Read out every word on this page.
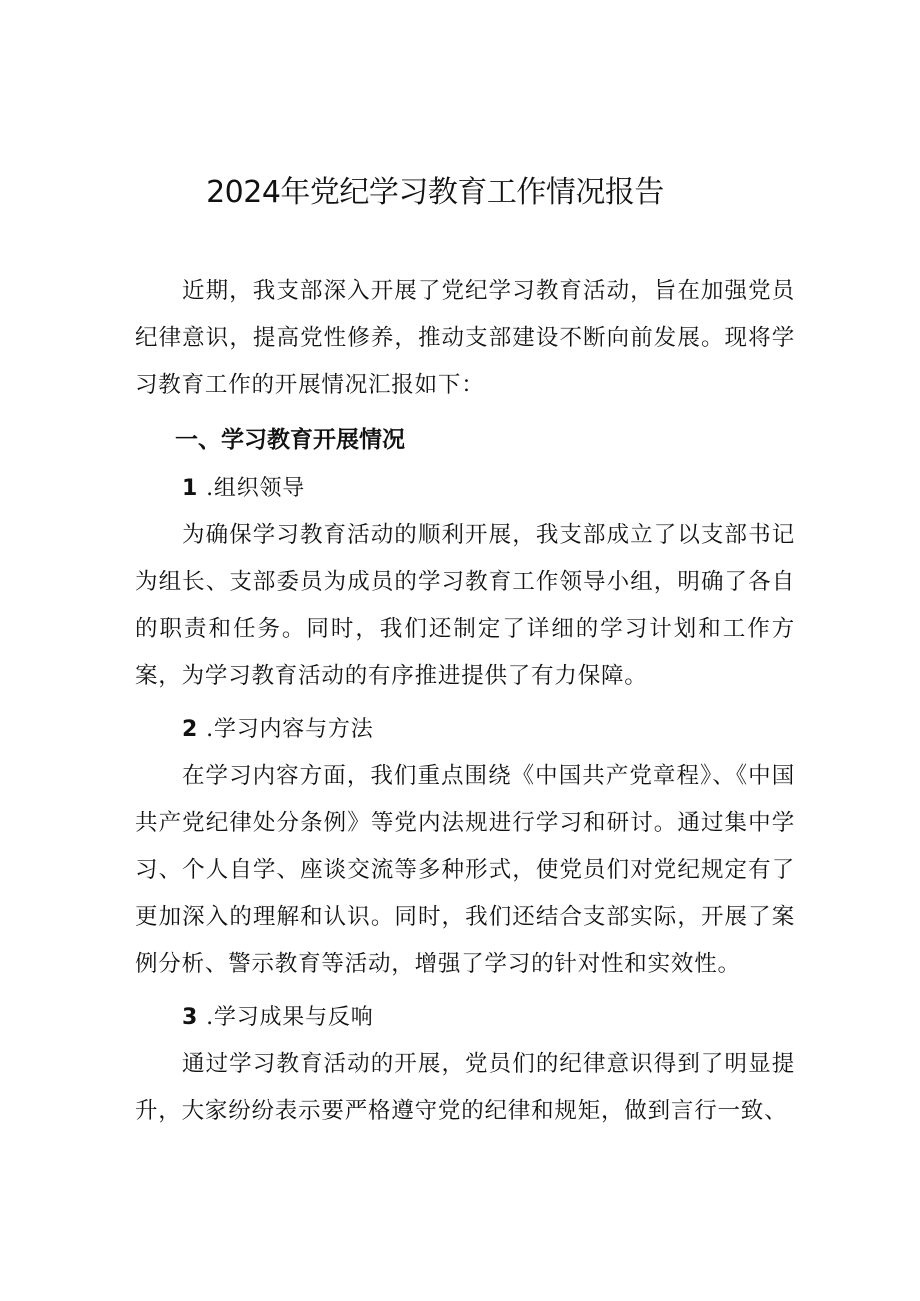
2024年党纪学习教育工作情况报告

近期，我支部深入开展了党纪学习教育活动，旨在加强党员纪律意识，提高党性修养，推动支部建设不断向前发展。现将学习教育工作的开展情况汇报如下：

一、学习教育开展情况
1 .组织领导

为确保学习教育活动的顺利开展，我支部成立了以支部书记为组长、支部委员为成员的学习教育工作领导小组，明确了各自的职责和任务。同时，我们还制定了详细的学习计划和工作方案，为学习教育活动的有序推进提供了有力保障。

2 .学习内容与方法

在学习内容方面，我们重点围绕《中国共产党章程》、《中国共产党纪律处分条例》等党内法规进行学习和研讨。通过集中学习、个人自学、座谈交流等多种形式，使党员们对党纪规定有了更加深入的理解和认识。同时，我们还结合支部实际，开展了案例分析、警示教育等活动，增强了学习的针对性和实效性。

3 .学习成果与反响

通过学习教育活动的开展，党员们的纪律意识得到了明显提升，大家纷纷表示要严格遵守党的纪律和规矩，做到言行一致、
